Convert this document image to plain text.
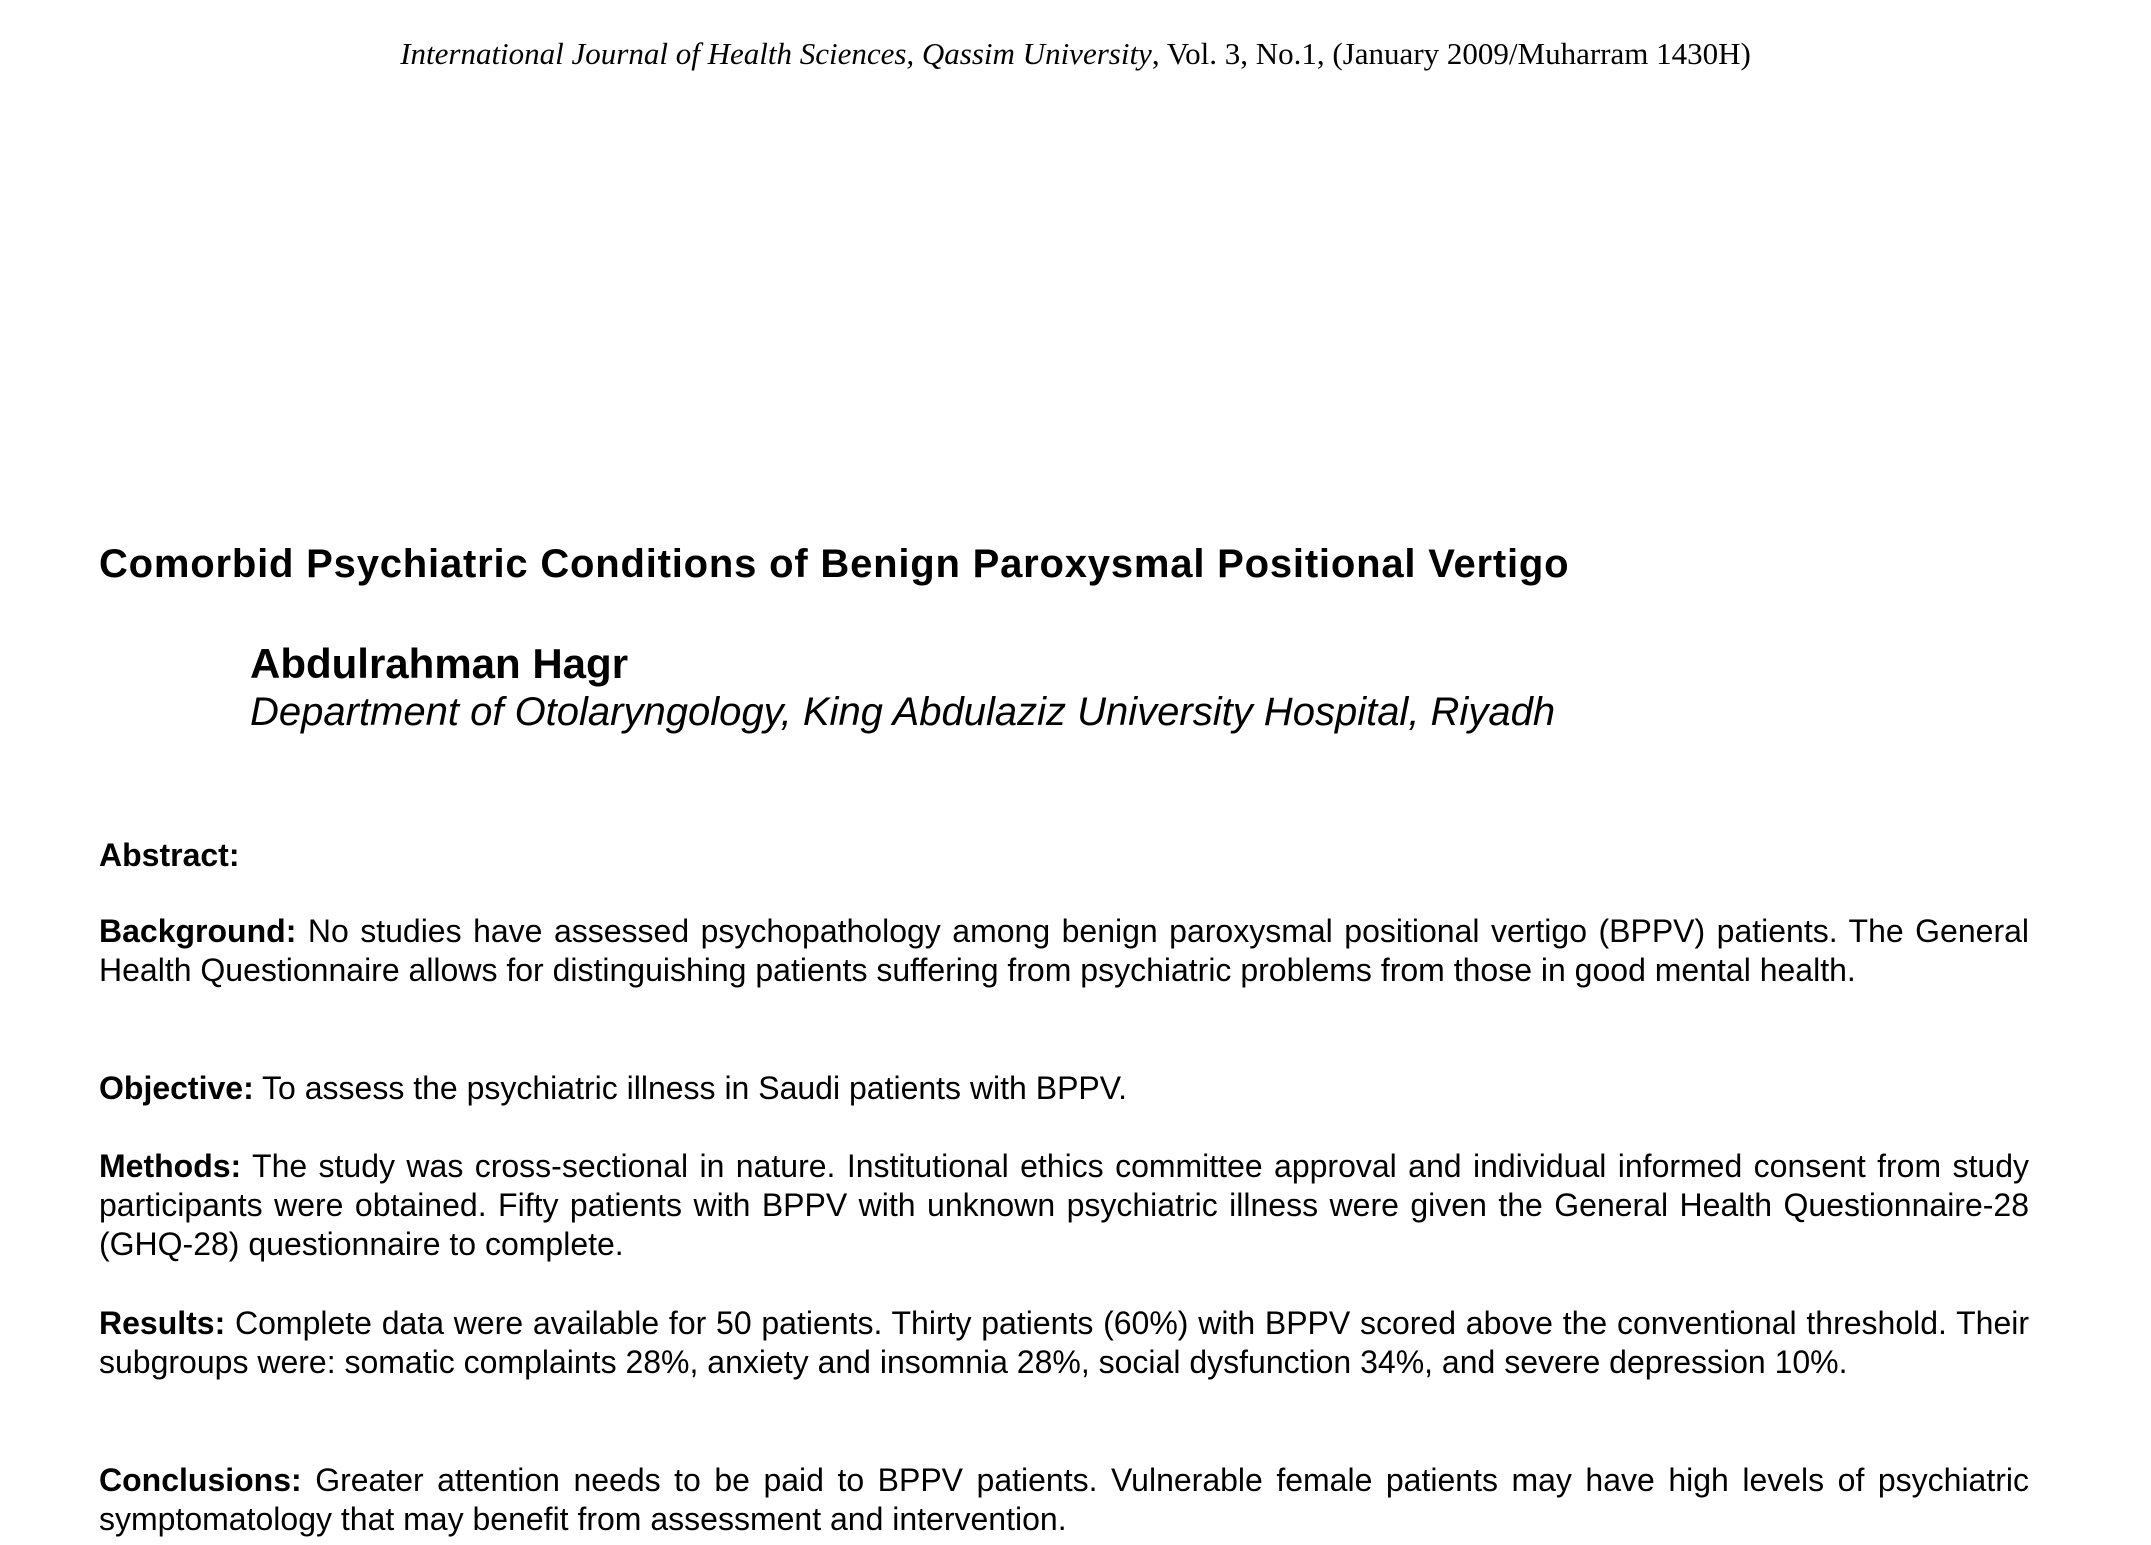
International Journal of Health Sciences, Qassim University, Vol. 3, No.1, (January 2009/Muharram 1430H)
Comorbid Psychiatric Conditions of Benign Paroxysmal Positional Vertigo
Abdulrahman Hagr
Department of Otolaryngology, King Abdulaziz University Hospital, Riyadh
Abstract:

Background: No studies have assessed psychopathology among benign paroxysmal positional vertigo (BPPV) patients. The General Health Questionnaire allows for distinguishing patients suffering from psychiatric problems from those in good mental health.

Objective: To assess the psychiatric illness in Saudi patients with BPPV.

Methods: The study was cross-sectional in nature. Institutional ethics committee approval and individual informed consent from study participants were obtained. Fifty patients with BPPV with unknown psychiatric illness were given the General Health Questionnaire-28 (GHQ-28) questionnaire to complete.

Results: Complete data were available for 50 patients. Thirty patients (60%) with BPPV scored above the conventional threshold. Their subgroups were: somatic complaints 28%, anxiety and insomnia 28%, social dysfunction 34%, and severe depression 10%.

Conclusions: Greater attention needs to be paid to BPPV patients. Vulnerable female patients may have high levels of psychiatric symptomatology that may benefit from assessment and intervention.
